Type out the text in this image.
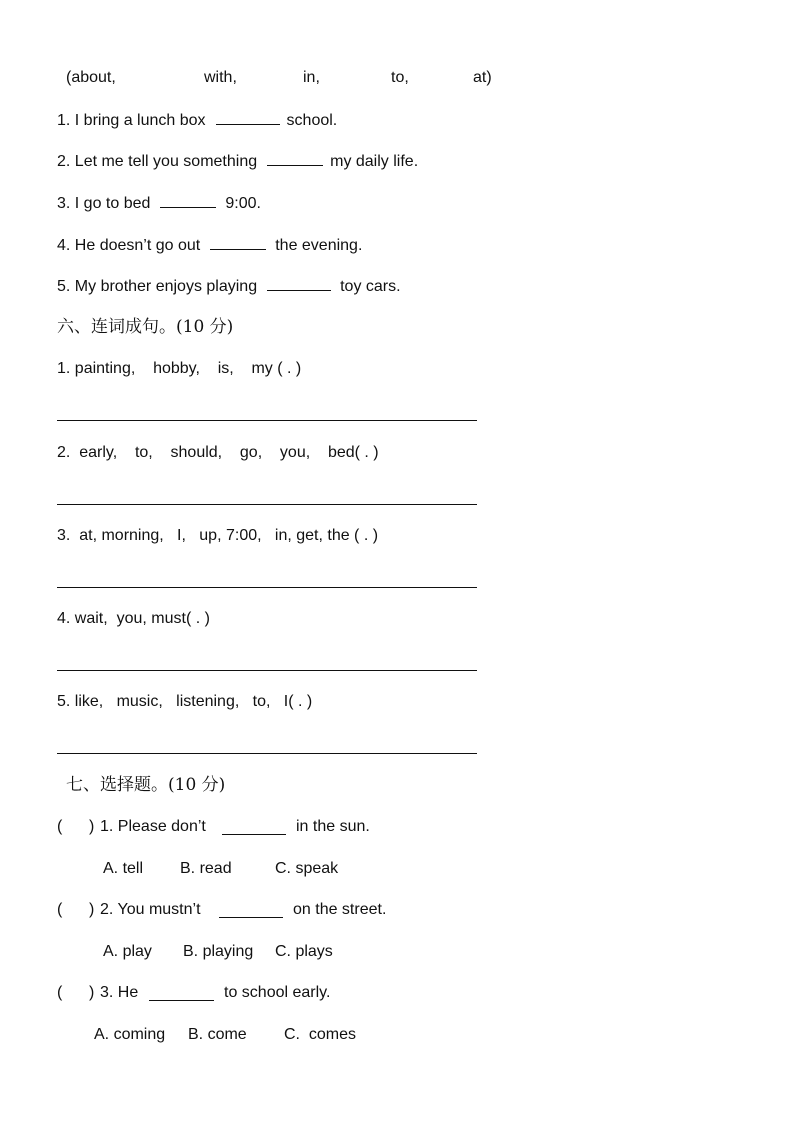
(about,	with,	in,	to,	at)
1. I bring a lunch box	school.
2. Let me tell you something	my daily life.
3. I go to bed	9:00.
4. He doesn’t go out	the evening.
5. My brother enjoys playing	toy cars.
六、连词成句。(10 分)
1. painting,    hobby,    is,    my ( . )
2.  early,    to,    should,    go,    you,    bed( . )
3.  at, morning,   I,   up, 7:00,   in, get, the ( . )
4. wait,  you, must( . )
5. like,   music,   listening,   to,   I( . )
七、选择题。(10 分)
( ) 1. Please don’t	in the sun.
A. tell B. read	C. speak
( ) 2. You mustn’t	on the street.
A. play B. playing C. plays
( ) 3. He	to school early.
A. coming B. come C.  comes
